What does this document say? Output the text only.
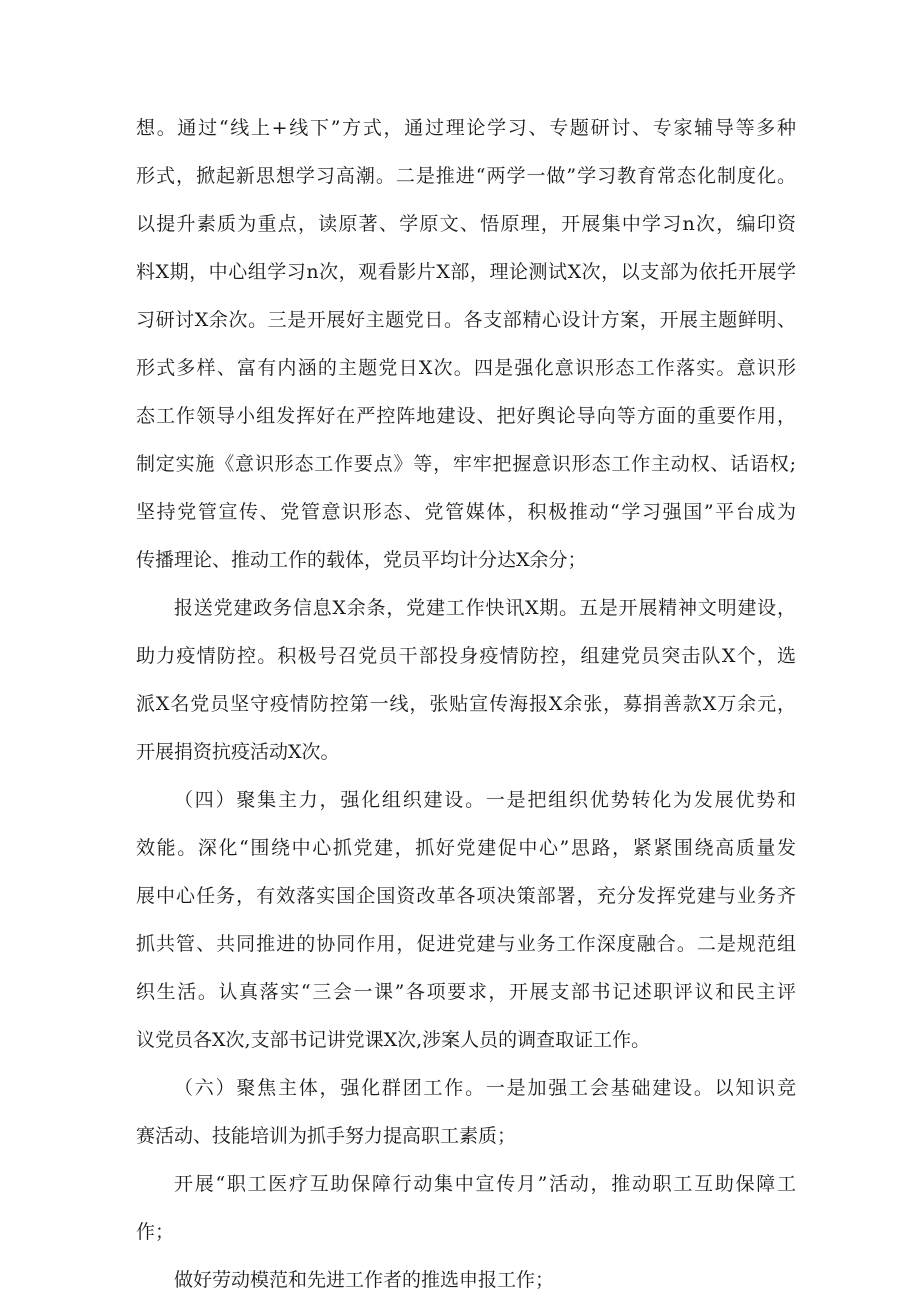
想。通过“线上+线下”方式，通过理论学习、专题研讨、专家辅导等多种

形式，掀起新思想学习高潮。二是推进“两学一做”学习教育常态化制度化。

以提升素质为重点，读原著、学原文、悟原理，开展集中学习n次，编印资

料X期，中心组学习n次，观看影片X部，理论测试X次，以支部为依托开展学

习研讨X余次。三是开展好主题党日。各支部精心设计方案，开展主题鲜明、

形式多样、富有内涵的主题党日X次。四是强化意识形态工作落实。意识形

态工作领导小组发挥好在严控阵地建设、把好舆论导向等方面的重要作用，

制定实施《意识形态工作要点》等，牢牢把握意识形态工作主动权、话语权;

坚持党管宣传、党管意识形态、党管媒体，积极推动“学习强国”平台成为

传播理论、推动工作的载体，党员平均计分达X余分；

报送党建政务信息X余条，党建工作快讯X期。五是开展精神文明建设，

助力疫情防控。积极号召党员干部投身疫情防控，组建党员突击队X个，选

派X名党员坚守疫情防控第一线，张贴宣传海报X余张，募捐善款X万余元，

开展捐资抗疫活动X次。

（四）聚集主力，强化组织建设。一是把组织优势转化为发展优势和

效能。深化“围绕中心抓党建，抓好党建促中心”思路，紧紧围绕高质量发

展中心任务，有效落实国企国资改革各项决策部署，充分发挥党建与业务齐

抓共管、共同推进的协同作用，促进党建与业务工作深度融合。二是规范组

织生活。认真落实“三会一课”各项要求，开展支部书记述职评议和民主评

议党员各X次,支部书记讲党课X次,涉案人员的调查取证工作。

（六）聚焦主体，强化群团工作。一是加强工会基础建设。以知识竞

赛活动、技能培训为抓手努力提高职工素质；

开展“职工医疗互助保障行动集中宣传月”活动，推动职工互助保障工

作；

做好劳动模范和先进工作者的推选申报工作；
